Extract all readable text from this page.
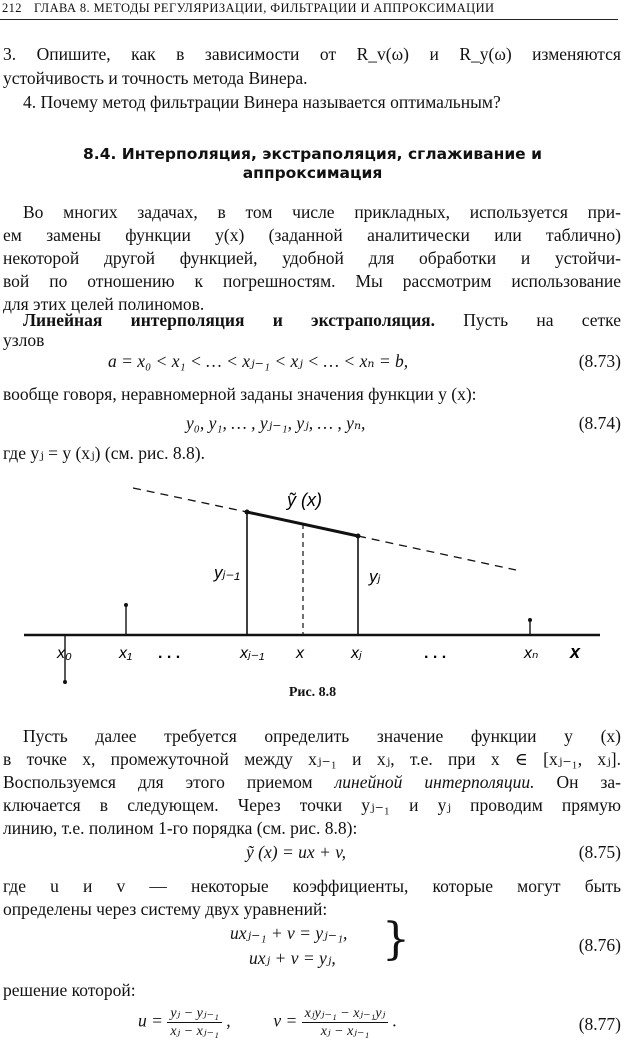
212 ГЛАВА 8. МЕТОДЫ РЕГУЛЯРИЗАЦИИ, ФИЛЬТРАЦИИ И АППРОКСИМАЦИИ
3. Опишите, как в зависимости от R_v(ω) и R_y(ω) изменяются
устойчивость и точность метода Винера.
4. Почему метод фильтрации Винера называется оптимальным?
8.4. Интерполяция, экстраполяция, сглаживание и
аппроксимация
Во многих задачах, в том числе прикладных, используется при-
ем замены функции y(x) (заданной аналитически или таблично)
некоторой другой функцией, удобной для обработки и устойчи-
вой по отношению к погрешностям. Мы рассмотрим использование
для этих целей полиномов.
Линейная интерполяция и экстраполяция. Пусть на сетке
узлов
a = x₀ < x₁ < … < xⱼ₋₁ < xⱼ < … < xₙ = b,	(8.73)
вообще говоря, неравномерной заданы значения функции y (x):
y₀, y₁, … , yⱼ₋₁, yⱼ, … , yₙ,	(8.74)
где yⱼ = y (xⱼ) (см. рис. 8.8).
ỹ (x)
yⱼ₋₁	yⱼ
x₀	x₁ . . .	xⱼ₋₁ x	xⱼ	. . .	xₙ x
Рис. 8.8
Пусть далее требуется определить значение функции y (x)
в точке x, промежуточной между xⱼ₋₁ и xⱼ, т.е. при x ∈ [xⱼ₋₁, xⱼ].
Воспользуемся для этого приемом линейной интерполяции. Он за-
ключается в следующем. Через точки yⱼ₋₁ и yⱼ проводим прямую
линию, т.е. полином 1-го порядка (см. рис. 8.8):
ỹ (x) = ux + v,	(8.75)
где u и v — некоторые коэффициенты, которые могут быть
определены через систему двух уравнений:
uxⱼ₋₁ + v = yⱼ₋₁,
uxⱼ + v = yⱼ, }	(8.76)
решение которой:
$u = \frac{\text{yⱼ − yⱼ₋₁}}{\text{xⱼ − xⱼ₋₁}}$ , $v = \frac{\text{xⱼyⱼ₋₁ − xⱼ₋₁yⱼ}}{\text{xⱼ − xⱼ₋₁}}$ .	(8.77)
